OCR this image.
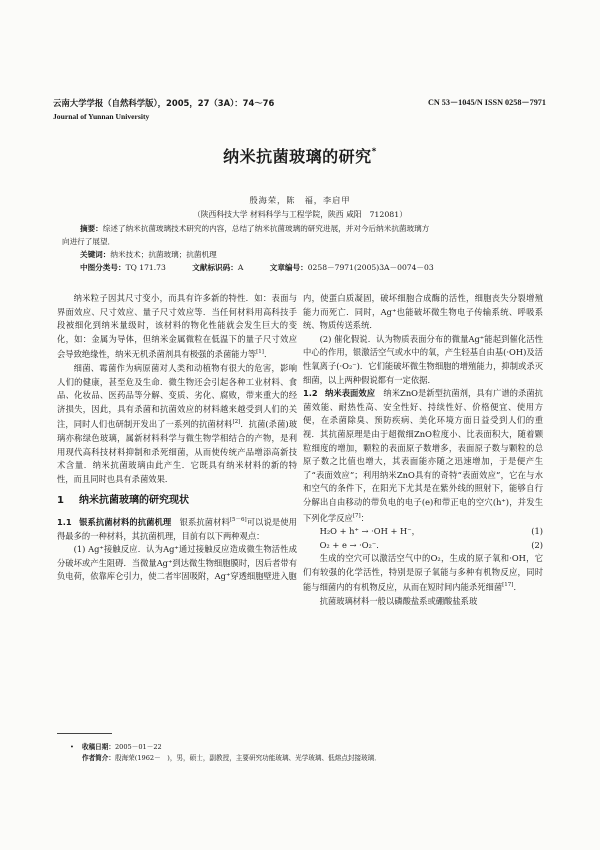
云南大学学报（自然科学版），2005，27（3A）：74～76
Journal of Yunnan University
CN 53－1045/N ISSN 0258－7971
纳米抗菌玻璃的研究*
殷海荣，陈　福，李启甲
（陕西科技大学 材料科学与工程学院，陕西 咸阳　712081）
摘要：综述了纳米抗菌玻璃技术研究的内容，总结了纳米抗菌玻璃的研究进展，并对今后纳米抗菌玻璃方
向进行了展望．
关键词：纳米技术；抗菌玻璃；抗菌机理
中图分类号：TQ 171.73	文献标识码：A	文章编号：0258－7971(2005)3A－0074－03

纳米粒子因其尺寸变小，而具有许多新的特性．如：表面与界面效应、尺寸效应、量子尺寸效应等．当任何材料用高科技手段被细化到纳米量级时，该材料的物化性能就会发生巨大的变化，如：金属为导体，但纳米金属微粒在低温下的量子尺寸效应会导致绝缘性，纳米无机杀菌剂具有极强的杀菌能力等[1]．

细菌、霉菌作为病原菌对人类和动植物有很大的危害，影响人们的健康，甚至危及生命．微生物还会引起各种工业材料、食品、化妆品、医药品等分解、变质、劣化、腐败，带来重大的经济损失，因此，具有杀菌和抗菌效应的材料越来越受到人们的关注，同时人们也研制开发出了一系列的抗菌材料[2]．抗菌(杀菌)玻璃亦称绿色玻璃，属新材料科学与微生物学相结合的产物，是利用现代高科技材料抑制和杀死细菌，从而使传统产品增添高新技术含量．纳米抗菌玻璃由此产生．它既具有纳米材料的新的特性，而且同时也具有杀菌效果．

1 纳米抗菌玻璃的研究现状

1.1 银系抗菌材料的抗菌机理　银系抗菌材料[5－6]可以说是使用得最多的一种材料，其抗菌机理，目前有以下两种观点：

(1) Ag⁺接触反应．认为Ag⁺通过接触反应造成微生物活性成分破坏或产生阻碍．当微量Ag⁺到达微生物细胞膜时，因后者带有负电荷，依靠库仑引力，使二者牢固吸附，Ag⁺穿透细胞壁进入胞

内，使蛋白质凝固，破坏细胞合成酶的活性，细胞丧失分裂增殖能力而死亡．同时，Ag⁺也能破坏微生物电子传输系统、呼吸系统、物质传送系统．

(2) 催化假说．认为物质表面分布的微量Ag⁺能起到催化活性中心的作用，银激活空气或水中的氧，产生轻基自由基(·OH)及活性氧离子(·O₂⁻)．它们能破坏微生物细胞的增殖能力，抑制或杀灭细菌，以上两种假说都有一定依据．

1.2 纳米表面效应　纳米ZnO是新型抗菌剂，具有广谱的杀菌抗菌效能、耐热性高、安全性好、持续性好、价格便宜、使用方便，在杀菌除臭、预防疾病、美化环境方面日益受到人们的重视．其抗菌原理是由于超微细ZnO粒度小、比表面积大，随着颗粒细度的增加，颗粒的表面原子数增多，表面原子数与颗粒的总原子数之比值也增大，其表面能亦随之迅速增加，于是便产生了“表面效应”；利用纳米ZnO具有的奇特“表面效应”，它在与水和空气的条件下，在阳光下尤其是在紫外线的照射下，能够自行分解出自由移动的带负电的电子(e)和带正电的空穴(h⁺)，并发生下列化学反应[7]：

H₂O + h⁺ → ·OH + H⁻，	(1)
O₂ + e → ·O₂⁻．	(2)

生成的空穴可以激活空气中的O₂，生成的原子氧和·OH，它们有较强的化学活性，特别是原子氧能与多种有机物反应，同时能与细菌内的有机物反应，从而在短时间内能杀死细菌[17]．

抗菌玻璃材料一般以磷酸盐系或硼酸盐系玻

• 收稿日期：2005－01－22
作者简介：殷海荣(1962－　)，男，硕士，副教授，主要研究功能玻璃、光学玻璃、低熔点封接玻璃．
